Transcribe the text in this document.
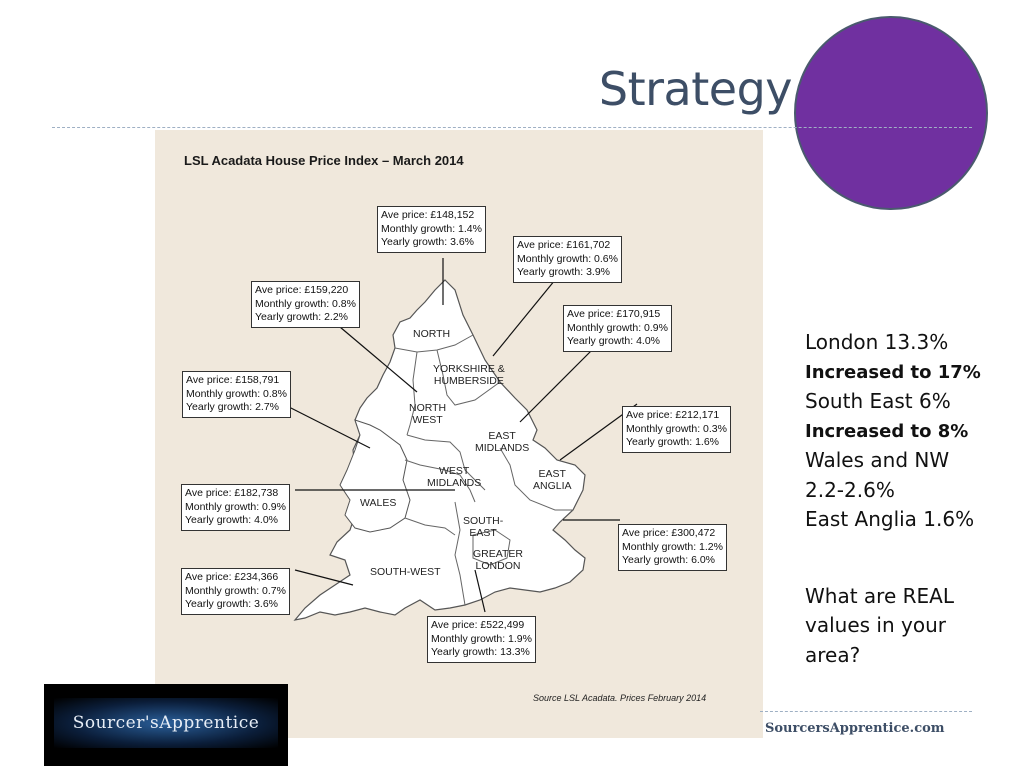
Strategy
LSL Acadata House Price Index – March 2014
NORTH
YORKSHIRE &
HUMBERSIDE
NORTH
WEST
EAST
MIDLANDS
WEST
MIDLANDS
EAST
ANGLIA
WALES
SOUTH-
EAST
GREATER
LONDON
SOUTH-WEST
Ave price: £148,152
Monthly growth: 1.4%
Yearly growth: 3.6%	Ave price: £161,702
Monthly growth: 0.6%
Yearly growth: 3.9%
Ave price: £159,220
Monthly growth: 0.8%
Yearly growth: 2.2%	Ave price: £170,915
Monthly growth: 0.9%
Yearly growth: 4.0%
Ave price: £158,791
Monthly growth: 0.8%
Yearly growth: 2.7%
Ave price: £212,171
Monthly growth: 0.3%
Yearly growth: 1.6%
Ave price: £182,738
Monthly growth: 0.9%
Yearly growth: 4.0%
Ave price: £300,472
Monthly growth: 1.2%
Yearly growth: 6.0%
Ave price: £234,366
Monthly growth: 0.7%
Yearly growth: 3.6%
Ave price: £522,499
Monthly growth: 1.9%
Yearly growth: 13.3%
Source LSL Acadata. Prices February 2014
London 13.3%
Increased to 17%
South East 6%
Increased to 8%
Wales and NW
2.2-2.6%
East Anglia 1.6%
What are REAL
values in your
area?
Sourcer'sApprentice	SourcersApprentice.com
